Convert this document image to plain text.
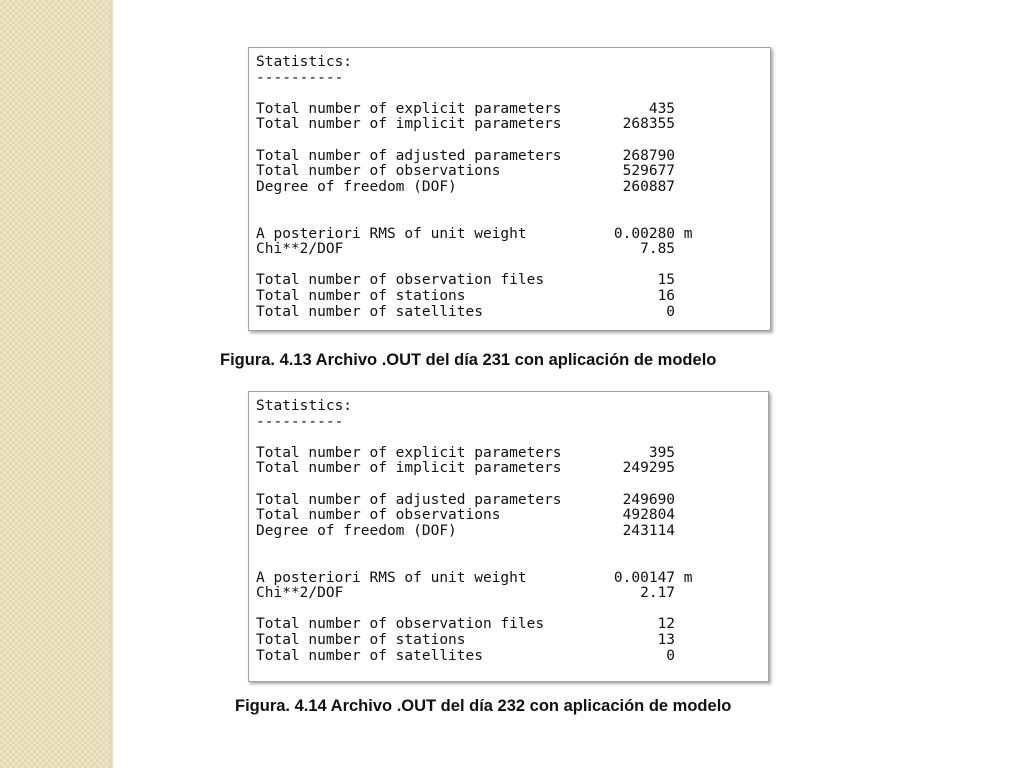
Statistics:
----------

Total number of explicit parameters          435
Total number of implicit parameters       268355

Total number of adjusted parameters       268790
Total number of observations              529677
Degree of freedom (DOF)                   260887

A posteriori RMS of unit weight          0.00280 m
Chi**2/DOF                                  7.85

Total number of observation files             15
Total number of stations                      16
Total number of satellites                     0
Figura. 4.13 Archivo .OUT del día 231 con aplicación de modelo
Statistics:
----------

Total number of explicit parameters          395
Total number of implicit parameters       249295

Total number of adjusted parameters       249690
Total number of observations              492804
Degree of freedom (DOF)                   243114

A posteriori RMS of unit weight          0.00147 m
Chi**2/DOF                                  2.17

Total number of observation files             12
Total number of stations                      13
Total number of satellites                     0
Figura. 4.14 Archivo .OUT del día 232 con aplicación de modelo
